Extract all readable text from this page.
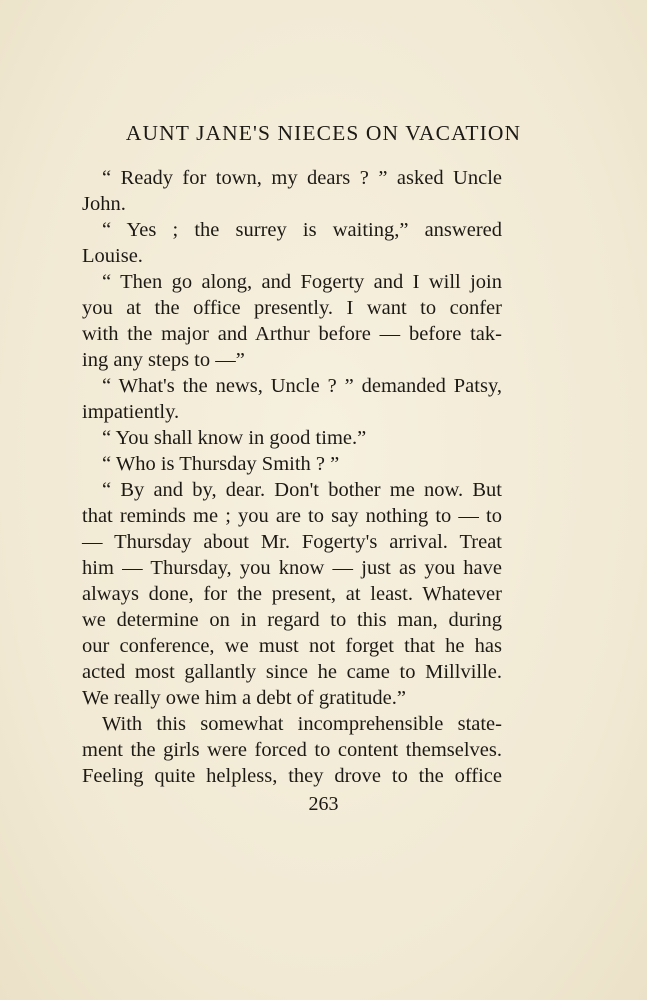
AUNT JANE'S NIECES ON VACATION
“ Ready for town, my dears ? ” asked Uncle
John.
“ Yes ; the surrey is waiting,” answered
Louise.
“ Then go along, and Fogerty and I will join
you at the office presently. I want to confer
with the major and Arthur before — before tak-
ing any steps to —”
“ What's the news, Uncle ? ” demanded Patsy,
impatiently.
“ You shall know in good time.”
“ Who is Thursday Smith ? ”
“ By and by, dear. Don't bother me now. But
that reminds me ; you are to say nothing to — to
— Thursday about Mr. Fogerty's arrival. Treat
him — Thursday, you know — just as you have
always done, for the present, at least. Whatever
we determine on in regard to this man, during
our conference, we must not forget that he has
acted most gallantly since he came to Millville.
We really owe him a debt of gratitude.”
With this somewhat incomprehensible state-
ment the girls were forced to content themselves.
Feeling quite helpless, they drove to the office
263
